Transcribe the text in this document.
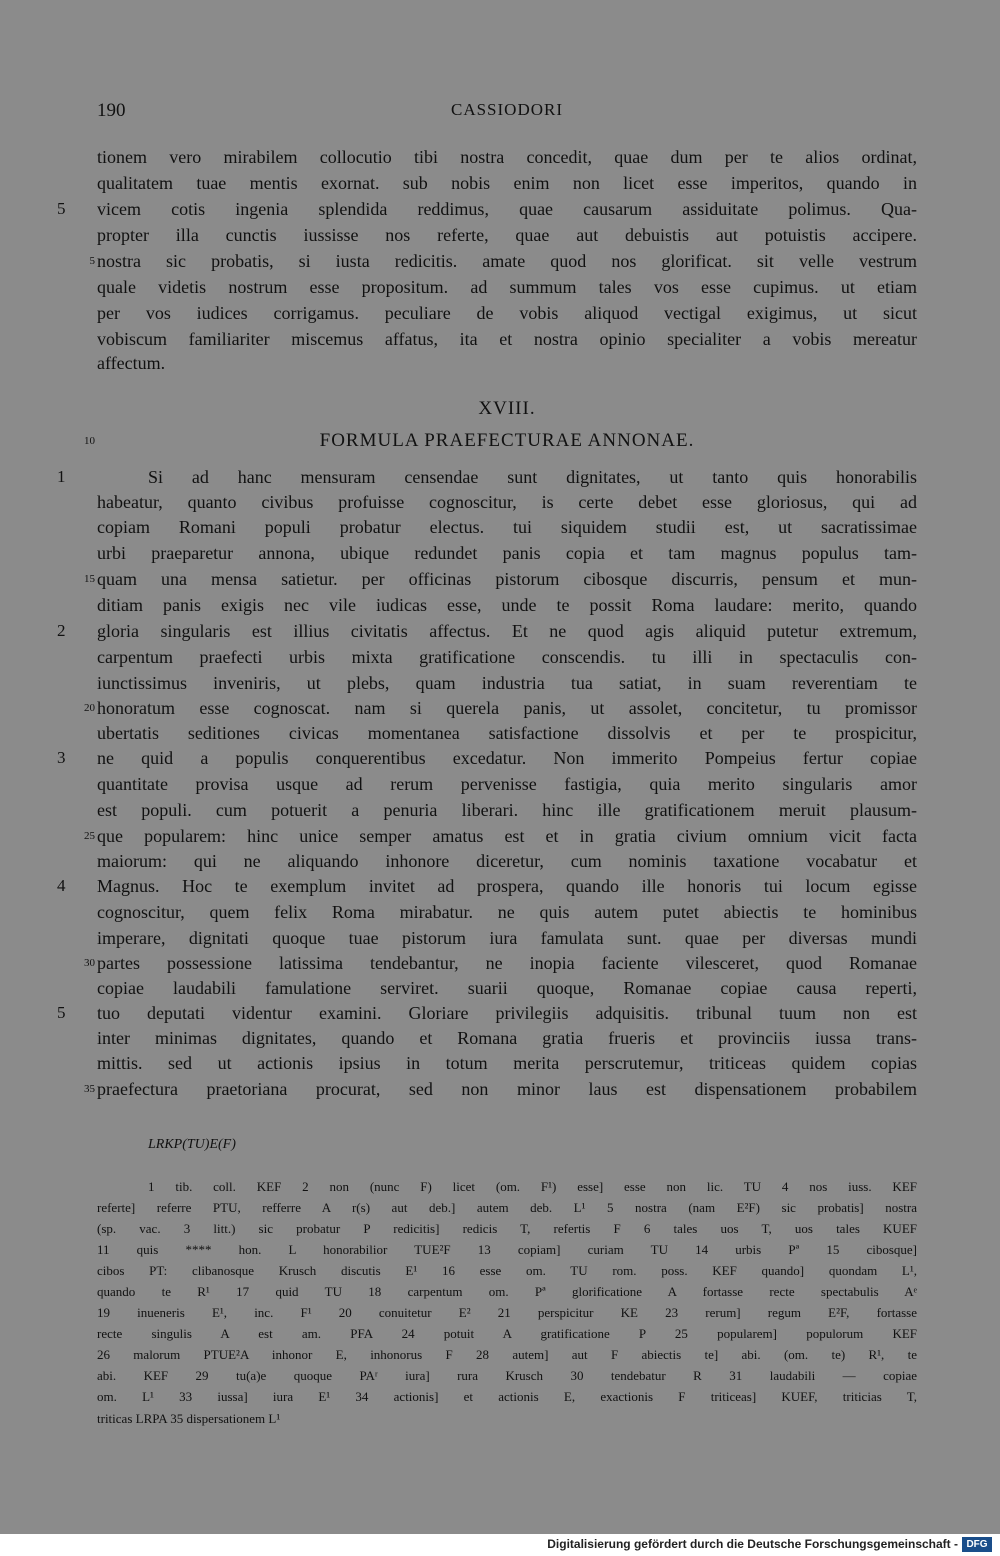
190	CASSIODORI
tionem vero mirabilem collocutio tibi nostra concedit, quae dum per te alios ordinat,
qualitatem tuae mentis exornat. sub nobis enim non licet esse imperitos, quando in
vicem cotis ingenia splendida reddimus, quae causarum assiduitate polimus. Qua-
propter illa cunctis iussisse nos referte, quae aut debuistis aut potuistis accipere.
nostra sic probatis, si iusta redicitis. amate quod nos glorificat. sit velle vestrum
quale videtis nostrum esse propositum. ad summum tales vos esse cupimus. ut etiam
per vos iudices corrigamus. peculiare de vobis aliquod vectigal exigimus, ut sicut
vobiscum familiariter miscemus affatus, ita et nostra opinio specialiter a vobis mereatur
affectum.
5
5
XVIII.
FORMULA PRAEFECTURAE ANNONAE.
10
Si ad hanc mensuram censendae sunt dignitates, ut tanto quis honorabilis
habeatur, quanto civibus profuisse cognoscitur, is certe debet esse gloriosus, qui ad
copiam Romani populi probatur electus. tui siquidem studii est, ut sacratissimae
urbi praeparetur annona, ubique redundet panis copia et tam magnus populus tam-
quam una mensa satietur. per officinas pistorum cibosque discurris, pensum et mun-
ditiam panis exigis nec vile iudicas esse, unde te possit Roma laudare: merito, quando
gloria singularis est illius civitatis affectus. Et ne quod agis aliquid putetur extremum,
carpentum praefecti urbis mixta gratificatione conscendis. tu illi in spectaculis con-
iunctissimus inveniris, ut plebs, quam industria tua satiat, in suam reverentiam te
honoratum esse cognoscat. nam si querela panis, ut assolet, concitetur, tu promissor
ubertatis seditiones civicas momentanea satisfactione dissolvis et per te prospicitur,
ne quid a populis conquerentibus excedatur. Non immerito Pompeius fertur copiae
quantitate provisa usque ad rerum pervenisse fastigia, quia merito singularis amor
est populi. cum potuerit a penuria liberari. hinc ille gratificationem meruit plausum-
que popularem: hinc unice semper amatus est et in gratia civium omnium vicit facta
maiorum: qui ne aliquando inhonore diceretur, cum nominis taxatione vocabatur et
Magnus. Hoc te exemplum invitet ad prospera, quando ille honoris tui locum egisse
cognoscitur, quem felix Roma mirabatur. ne quis autem putet abiectis te hominibus
imperare, dignitati quoque tuae pistorum iura famulata sunt. quae per diversas mundi
partes possessione latissima tendebantur, ne inopia faciente vilesceret, quod Romanae
copiae laudabili famulatione serviret. suarii quoque, Romanae copiae causa reperti,
tuo deputati videntur examini. Gloriare privilegiis adquisitis. tribunal tuum non est
inter minimas dignitates, quando et Romana gratia frueris et provinciis iussa trans-
mittis. sed ut actionis ipsius in totum merita perscrutemur, triticeas quidem copias
praefectura praetoriana procurat, sed non minor laus est dispensationem probabilem
1
2
3
4
5
15
20
25
30
35
LRKP(TU)E(F)
1 tib. coll. KEF 2 non (nunc F) licet (om. F¹) esse] esse non lic. TU 4 nos iuss. KEF
referte] referre PTU, refferre A r(s) aut deb.] autem deb. L¹ 5 nostra (nam E²F) sic probatis] nostra
(sp. vac. 3 litt.) sic probatur P redicitis] redicis T, refertis F 6 tales uos T, uos tales KUEF
11 quis **** hon. L honorabilior TUE²F 13 copiam] curiam TU 14 urbis Pª 15 cibosque]
cibos PT: clibanosque Krusch discutis E¹ 16 esse om. TU rom. poss. KEF quando] quondam L¹,
quando te R¹ 17 quid TU 18 carpentum om. Pª glorificatione A fortasse recte spectabulis Aᵉ
19 inueneris E¹, inc. F¹ 20 conuitetur E² 21 perspicitur KE 23 rerum] regum E²F, fortasse
recte singulis A est am. PFA 24 potuit A gratificatione P 25 popularem] populorum KEF
26 malorum PTUE²A inhonor E, inhonorus F 28 autem] aut F abiectis te] abi. (om. te) R¹, te
abi. KEF 29 tu(a)e quoque PAʳ iura] rura Krusch 30 tendebatur R 31 laudabili — copiae
om. L¹ 33 iussa] iura E¹ 34 actionis] et actionis E, exactionis F triticeas] KUEF, triticias T,
triticas LRPA 35 dispersationem L¹
Digitalisierung gefördert durch die Deutsche Forschungsgemeinschaft - DFG
